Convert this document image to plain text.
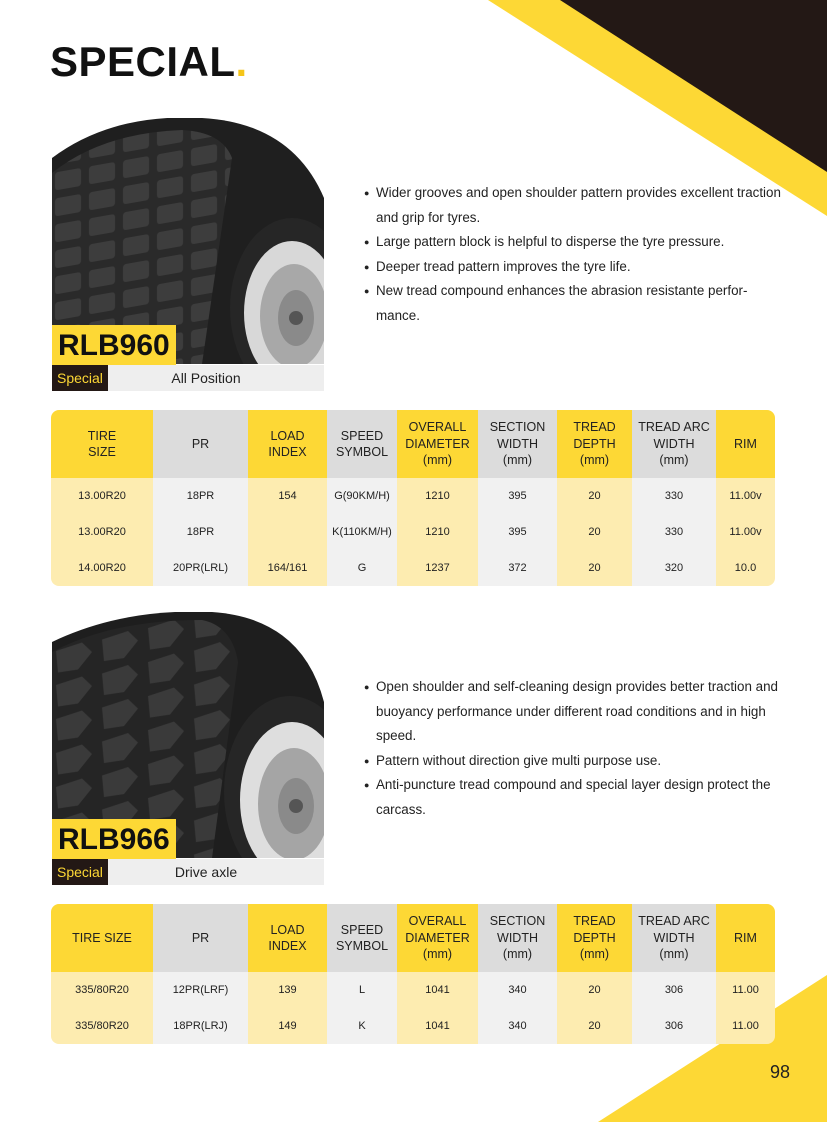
SPECIAL.
RLB960
Special	All Position
● Wider grooves and open shoulder pattern provides excellent traction and grip for tyres.
● Large pattern block is helpful to disperse the tyre pressure.
● Deeper tread pattern improves the tyre life.
● New tread compound enhances the abrasion resistante perfor-mance.
TIRE
SIZE	PR	LOAD
INDEX	SPEED
SYMBOL	OVERALL
DIAMETER
(mm)	SECTION
WIDTH
(mm)	TREAD
DEPTH
(mm)	TREAD ARC
WIDTH
(mm)	RIM
13.00R20	18PR	154	G(90KM/H)	1210	395	20	330	11.00v
13.00R20	18PR		K(110KM/H)	1210	395	20	330	11.00v
14.00R20	20PR(LRL)	164/161	G	1237	372	20	320	10.0
RLB966
Special	Drive axle
● Open shoulder and self-cleaning design provides better traction and buoyancy performance under different road conditions and in high speed.
● Pattern without direction give multi purpose use.
● Anti-puncture tread compound and special layer design protect the carcass.
TIRE SIZE	PR	LOAD
INDEX	SPEED
SYMBOL	OVERALL
DIAMETER
(mm)	SECTION
WIDTH
(mm)	TREAD
DEPTH
(mm)	TREAD ARC
WIDTH
(mm)	RIM
335/80R20	12PR(LRF)	139	L	1041	340	20	306	11.00
335/80R20	18PR(LRJ)	149	K	1041	340	20	306	11.00
98
